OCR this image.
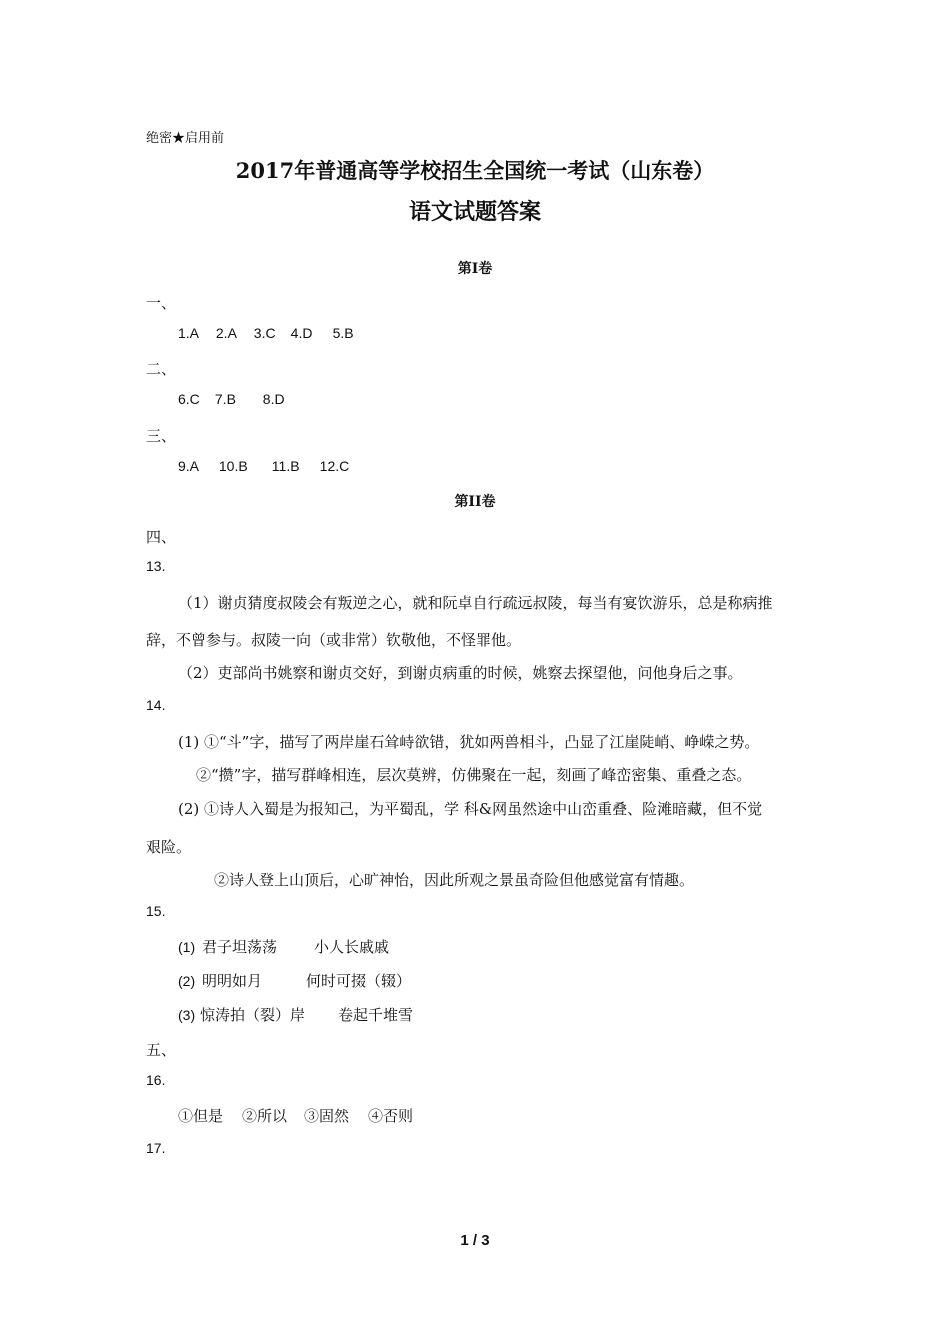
绝密★启用前
2017年普通高等学校招生全国统一考试（山东卷）
语文试题答案
第I卷
一、
1.A 2.A 3.C 4.D 5.B
二、
6.C 7.B 8.D
三、
9.A 10.B 11.B 12.C
第II卷
四、
13.
（1）谢贞猜度叔陵会有叛逆之心，就和阮卓自行疏远叔陵，每当有宴饮游乐，总是称病推
辞，不曾参与。叔陵一向（或非常）钦敬他，不怪罪他。
（2）吏部尚书姚察和谢贞交好，到谢贞病重的时候，姚察去探望他，问他身后之事。
14.
(1) ①“斗”字，描写了两岸崖石耸峙欲错，犹如两兽相斗，凸显了江崖陡峭、峥嵘之势。
②“攒”字，描写群峰相连，层次莫辨，仿佛聚在一起，刻画了峰峦密集、重叠之态。
(2) ①诗人入蜀是为报知己，为平蜀乱，学 科&网虽然途中山峦重叠、险滩暗藏，但不觉
艰险。
②诗人登上山顶后，心旷神怡，因此所观之景虽奇险但他感觉富有情趣。
15.
(1) 君子坦荡荡 小人长戚戚
(2) 明明如月	何时可掇（辍）
(3) 惊涛拍（裂）岸 卷起千堆雪
五、
16.
①但是 ②所以 ③固然 ④否则
17.
1 / 3
